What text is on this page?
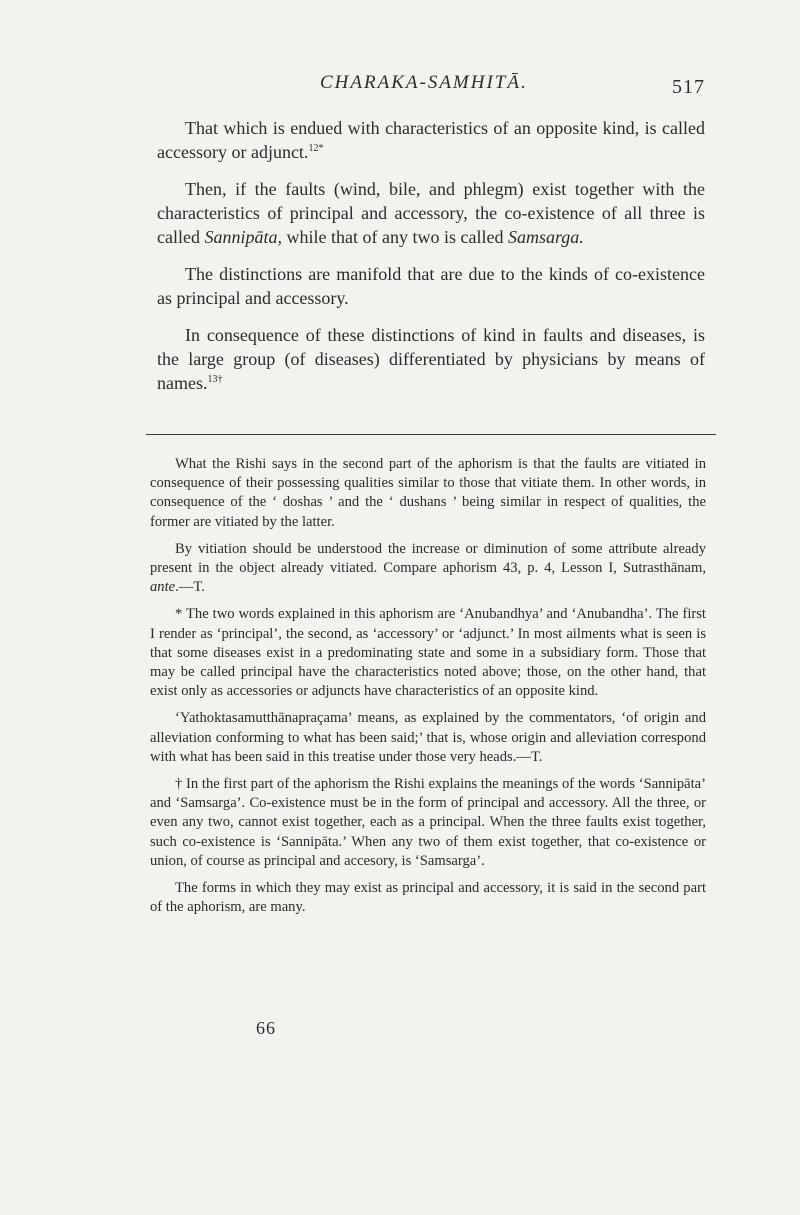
CHARAKA-SAMHITĀ.	517

That which is endued with characteristics of an opposite kind, is called accessory or adjunct.$^{12*}$

Then, if the faults (wind, bile, and phlegm) exist together with the characteristics of principal and accessory, the co-existence of all three is called Sannipāta, while that of any two is called Samsarga.

The distinctions are manifold that are due to the kinds of co-existence as principal and accessory.

In consequence of these distinctions of kind in faults and diseases, is the large group (of diseases) differentiated by physicians by means of names.$^{13\dagger}$

What the Rishi says in the second part of the aphorism is that the faults are vitiated in consequence of their possessing qualities similar to those that vitiate them. In other words, in consequence of the ‘ doshas ’ and the ‘ dushans ’ being similar in respect of qualities, the former are vitiated by the latter.

By vitiation should be understood the increase or diminution of some attribute already present in the object already vitiated. Compare aphorism 43, p. 4, Lesson I, Sutrasthānam, ante.—T.

* The two words explained in this aphorism are ‘Anubandhya’ and ‘Anubandha’. The first I render as ‘principal’, the second, as ‘accessory’ or ‘adjunct.’ In most ailments what is seen is that some diseases exist in a predominating state and some in a subsidiary form. Those that may be called principal have the characteristics noted above; those, on the other hand, that exist only as accessories or adjuncts have characteristics of an opposite kind.

‘Yathoktasamutthānapraçama’ means, as explained by the commentators, ‘of origin and alleviation conforming to what has been said;’ that is, whose origin and alleviation correspond with what has been said in this treatise under those very heads.—T.

† In the first part of the aphorism the Rishi explains the meanings of the words ‘Sannipāta’ and ‘Samsarga’. Co-existence must be in the form of principal and accessory. All the three, or even any two, cannot exist together, each as a principal. When the three faults exist together, such co-existence is ‘Sannipāta.’ When any two of them exist together, that co-existence or union, of course as principal and accesory, is ‘Samsarga’.

The forms in which they may exist as principal and accessory, it is said in the second part of the aphorism, are many.

66
